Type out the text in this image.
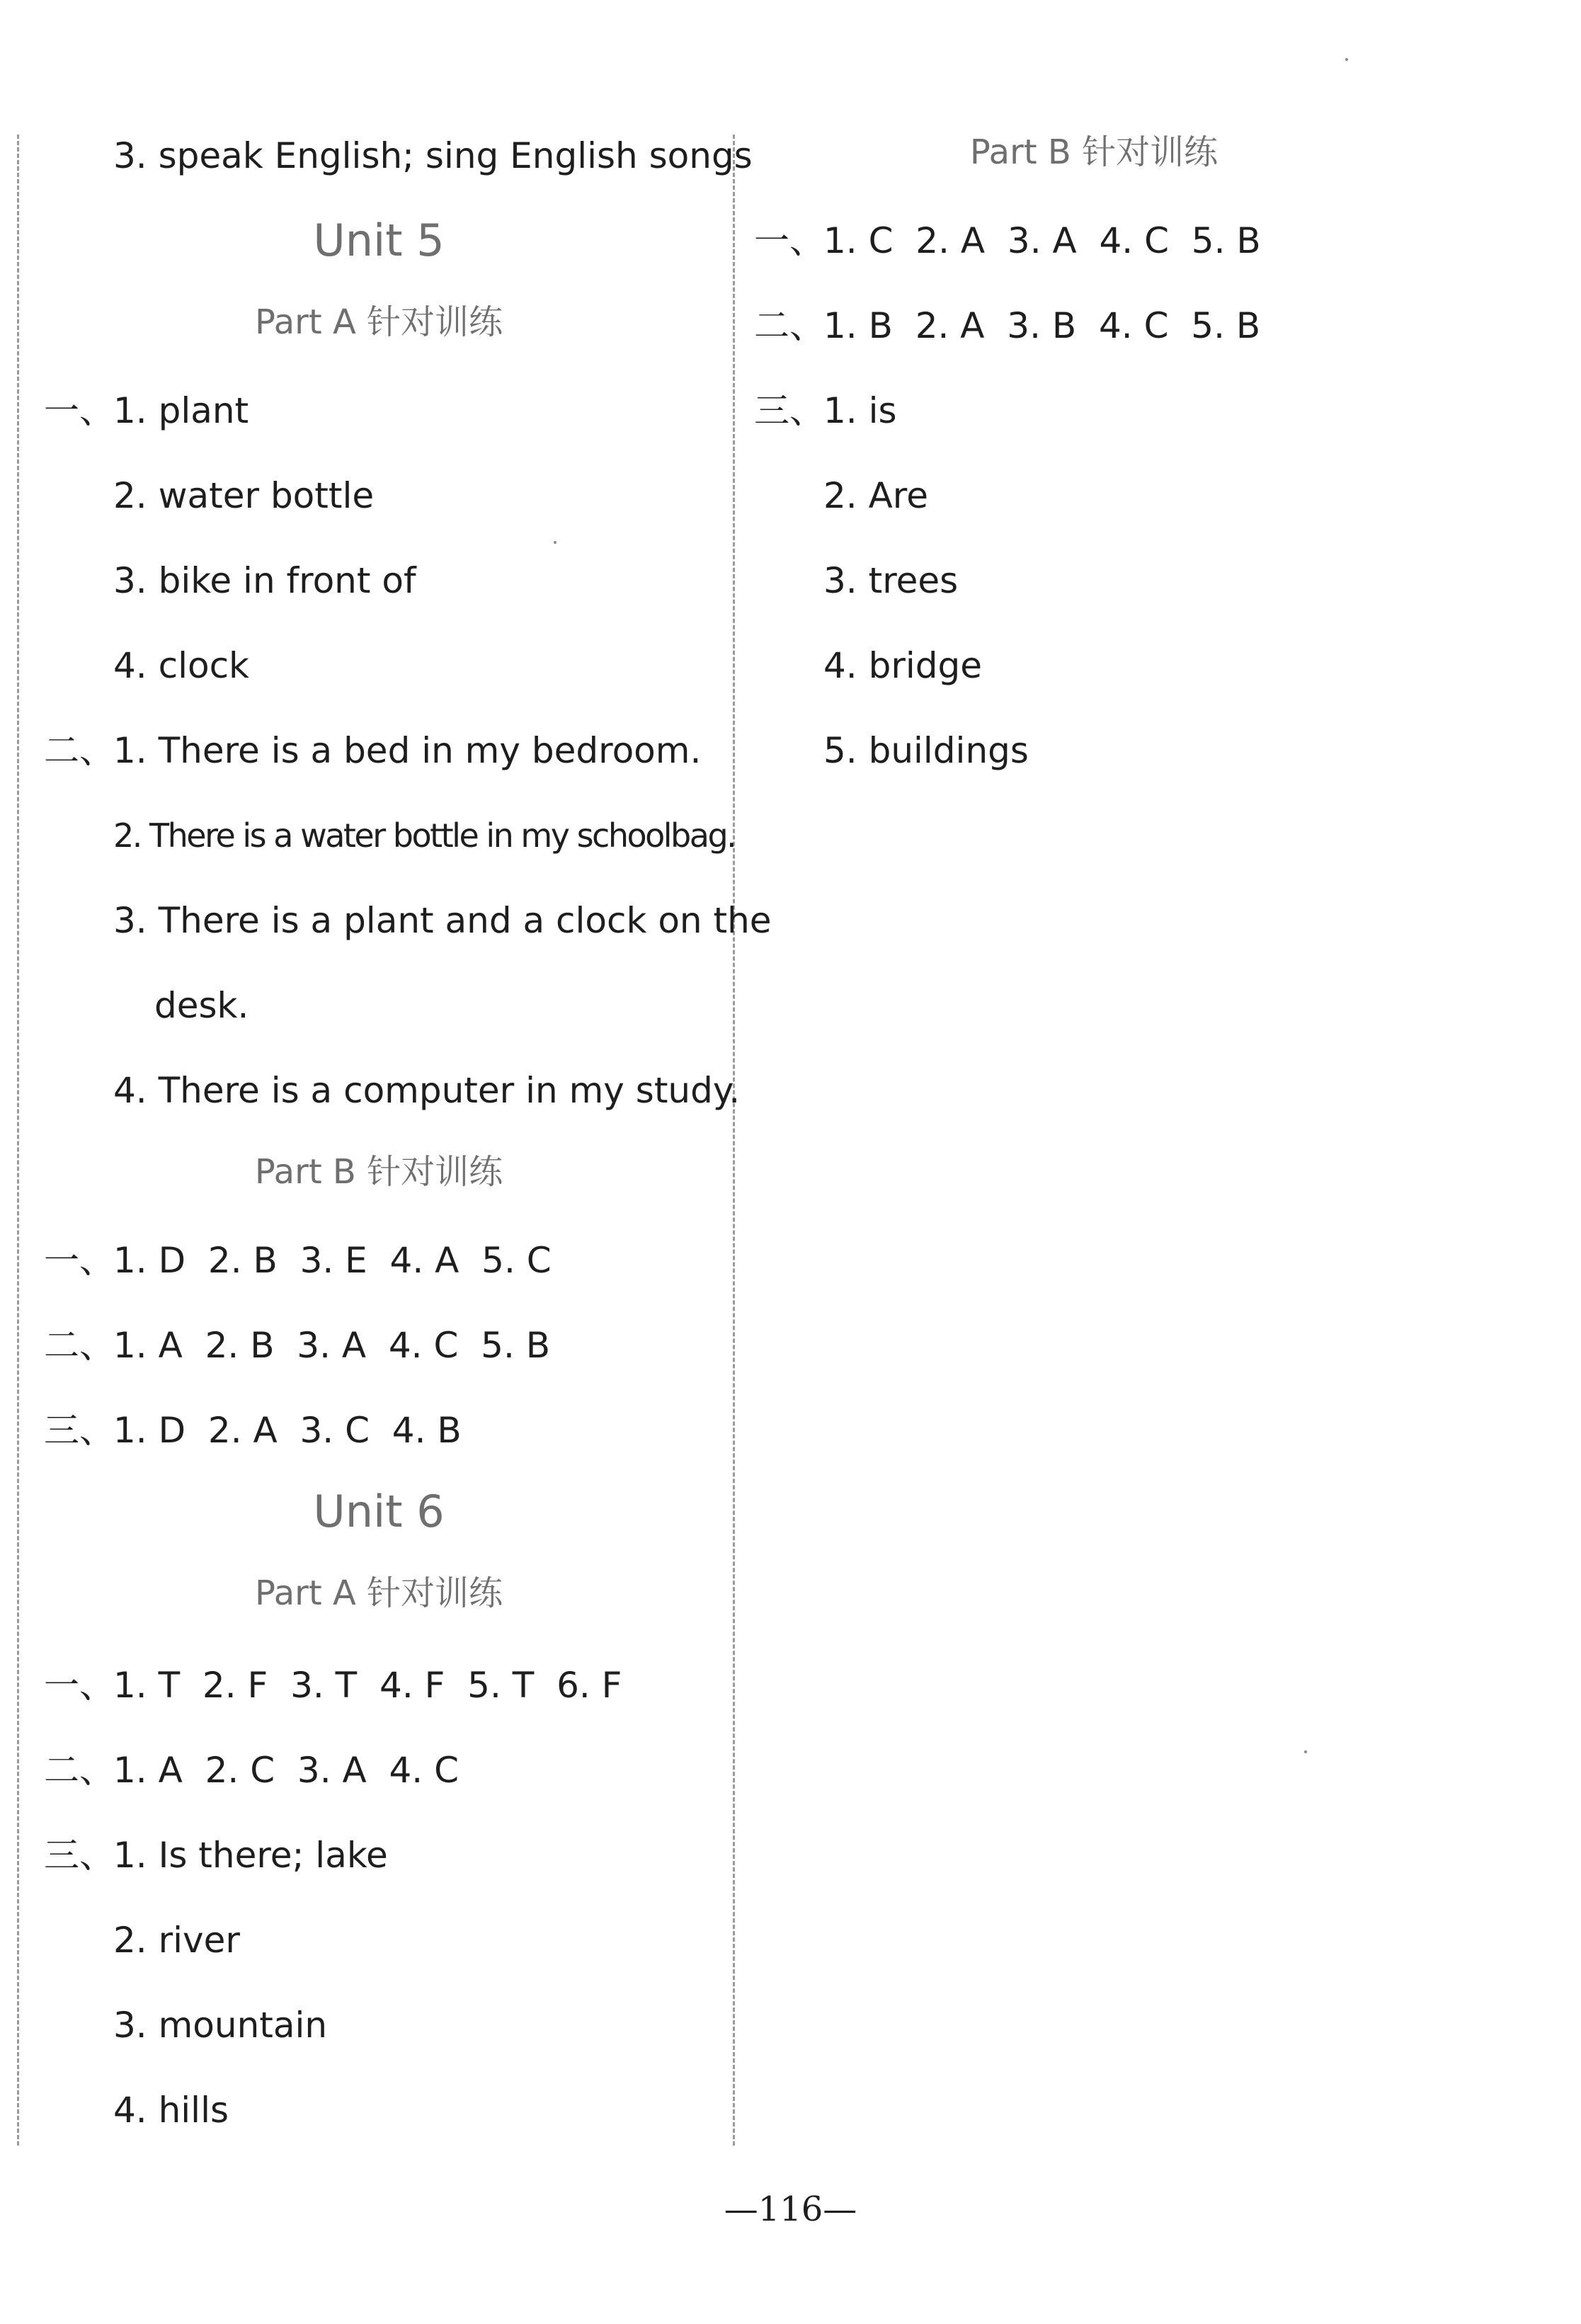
3. speak English; sing English songs
Unit 5
Part A 针对训练
一、1. plant
2. water bottle
3. bike in front of
4. clock
二、1. There is a bed in my bedroom.
2. There is a water bottle in my schoolbag.
3. There is a plant and a clock on the
desk.
4. There is a computer in my study.
Part B 针对训练
一、1. D  2. B  3. E  4. A  5. C
二、1. A  2. B  3. A  4. C  5. B
三、1. D  2. A  3. C  4. B
Unit 6
Part A 针对训练
一、1. T  2. F  3. T  4. F  5. T  6. F
二、1. A  2. C  3. A  4. C
三、1. Is there; lake
2. river
3. mountain
4. hills
Part B 针对训练
一、1. C  2. A  3. A  4. C  5. B
二、1. B  2. A  3. B  4. C  5. B
三、1. is
2. Are
3. trees
4. bridge
5. buildings
—116—
